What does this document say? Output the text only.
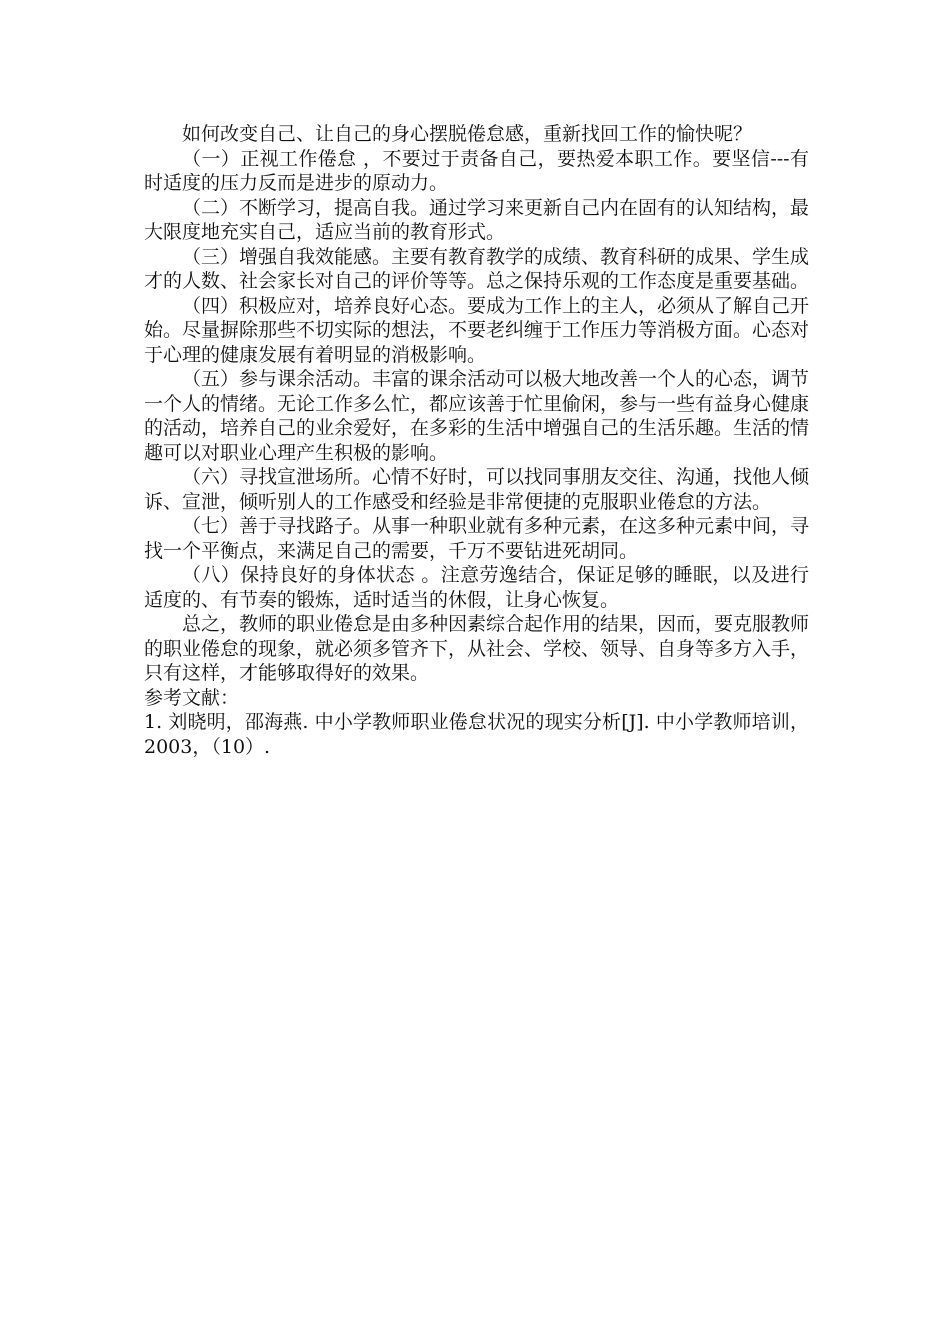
如何改变自己、让自己的身心摆脱倦怠感，重新找回工作的愉快呢？

（一）正视工作倦怠 ，不要过于责备自己，要热爱本职工作。要坚信---有时适度的压力反而是进步的原动力。

（二）不断学习，提高自我。通过学习来更新自己内在固有的认知结构，最大限度地充实自己，适应当前的教育形式。

（三）增强自我效能感。主要有教育教学的成绩、教育科研的成果、学生成才的人数、社会家长对自己的评价等等。总之保持乐观的工作态度是重要基础。

（四）积极应对，培养良好心态。要成为工作上的主人，必须从了解自己开始。尽量摒除那些不切实际的想法，不要老纠缠于工作压力等消极方面。心态对于心理的健康发展有着明显的消极影响。

（五）参与课余活动。丰富的课余活动可以极大地改善一个人的心态，调节一个人的情绪。无论工作多么忙，都应该善于忙里偷闲，参与一些有益身心健康的活动，培养自己的业余爱好，在多彩的生活中增强自己的生活乐趣。生活的情趣可以对职业心理产生积极的影响。

（六）寻找宣泄场所。心情不好时，可以找同事朋友交往、沟通，找他人倾诉、宣泄，倾听别人的工作感受和经验是非常便捷的克服职业倦怠的方法。

（七）善于寻找路子。从事一种职业就有多种元素，在这多种元素中间，寻找一个平衡点，来满足自己的需要，千万不要钻进死胡同。

（八）保持良好的身体状态 。注意劳逸结合，保证足够的睡眠，以及进行适度的、有节奏的锻炼，适时适当的休假，让身心恢复。

总之，教师的职业倦怠是由多种因素综合起作用的结果，因而，要克服教师的职业倦怠的现象，就必须多管齐下，从社会、学校、领导、自身等多方入手，只有这样，才能够取得好的效果。

参考文献：

1. 刘晓明，邵海燕. 中小学教师职业倦怠状况的现实分析[J]. 中小学教师培训，2003，（10）.
